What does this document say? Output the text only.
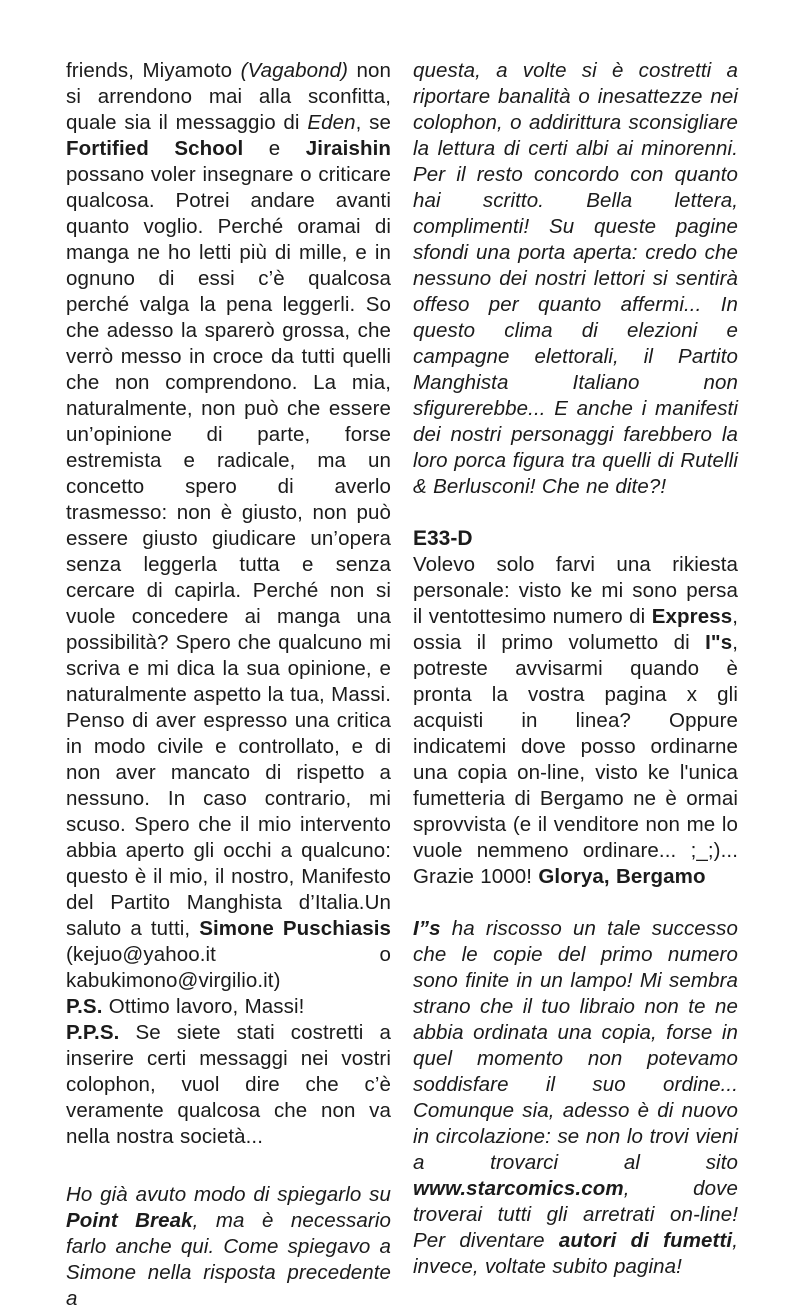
friends, Miyamoto (Vagabond) non si arrendono mai alla sconfitta, quale sia il messaggio di Eden, se Fortified School e Jiraishin possano voler insegnare o criticare qualcosa. Potrei andare avanti quanto voglio. Perché oramai di manga ne ho letti più di mille, e in ognuno di essi c’è qualcosa perché valga la pena leggerli. So che adesso la sparerò grossa, che verrò messo in croce da tutti quelli che non comprendono. La mia, naturalmente, non può che essere un’opinione di parte, forse estremista e radicale, ma un concetto spero di averlo trasmesso: non è giusto, non può essere giusto giudicare un’opera senza leggerla tutta e senza cercare di capirla. Perché non si vuole concedere ai manga una possibilità? Spero che qualcuno mi scriva e mi dica la sua opinione, e naturalmente aspetto la tua, Massi. Penso di aver espresso una critica in modo civile e controllato, e di non aver mancato di rispetto a nessuno. In caso contrario, mi scuso. Spero che il mio intervento abbia aperto gli occhi a qualcuno: questo è il mio, il nostro, Manifesto del Partito Manghista d’Italia.Un saluto a tutti, Simone Puschiasis (kejuo@yahoo.it o kabukimono@virgilio.it)

P.S. Ottimo lavoro, Massi!

P.P.S. Se siete stati costretti a inserire certi messaggi nei vostri colophon, vuol dire che c’è veramente qualcosa che non va nella nostra società...

Ho già avuto modo di spiegarlo su Point Break, ma è necessario farlo anche qui. Come spiegavo a Simone nella risposta precedente a

questa, a volte si è costretti a riportare banalità o inesattezze nei colophon, o addirittura sconsigliare la lettura di certi albi ai minorenni. Per il resto concordo con quanto hai scritto. Bella lettera, complimenti! Su queste pagine sfondi una porta aperta: credo che nessuno dei nostri lettori si sentirà offeso per quanto affermi... In questo clima di elezioni e campagne elettorali, il Partito Manghista Italiano non sfigurerebbe... E anche i manifesti dei nostri personaggi farebbero la loro porca figura tra quelli di Rutelli & Berlusconi! Che ne dite?!

E33-D

Volevo solo farvi una rikiesta personale: visto ke mi sono persa il ventottesimo numero di Express, ossia il primo volumetto di I"s, potreste avvisarmi quando è pronta la vostra pagina x gli acquisti in linea? Oppure indicatemi dove posso ordinarne una copia on-line, visto ke l'unica fumetteria di Bergamo ne è ormai sprovvista (e il venditore non me lo vuole nemmeno ordinare... ;_;)... Grazie 1000! Glorya, Bergamo

I”s ha riscosso un tale successo che le copie del primo numero sono finite in un lampo! Mi sembra strano che il tuo libraio non te ne abbia ordinata una copia, forse in quel momento non potevamo soddisfare il suo ordine... Comunque sia, adesso è di nuovo in circolazione: se non lo trovi vieni a trovarci al sito www.starcomics.com, dove troverai tutti gli arretrati on-line! Per diventare autori di fumetti, invece, voltate subito pagina!
